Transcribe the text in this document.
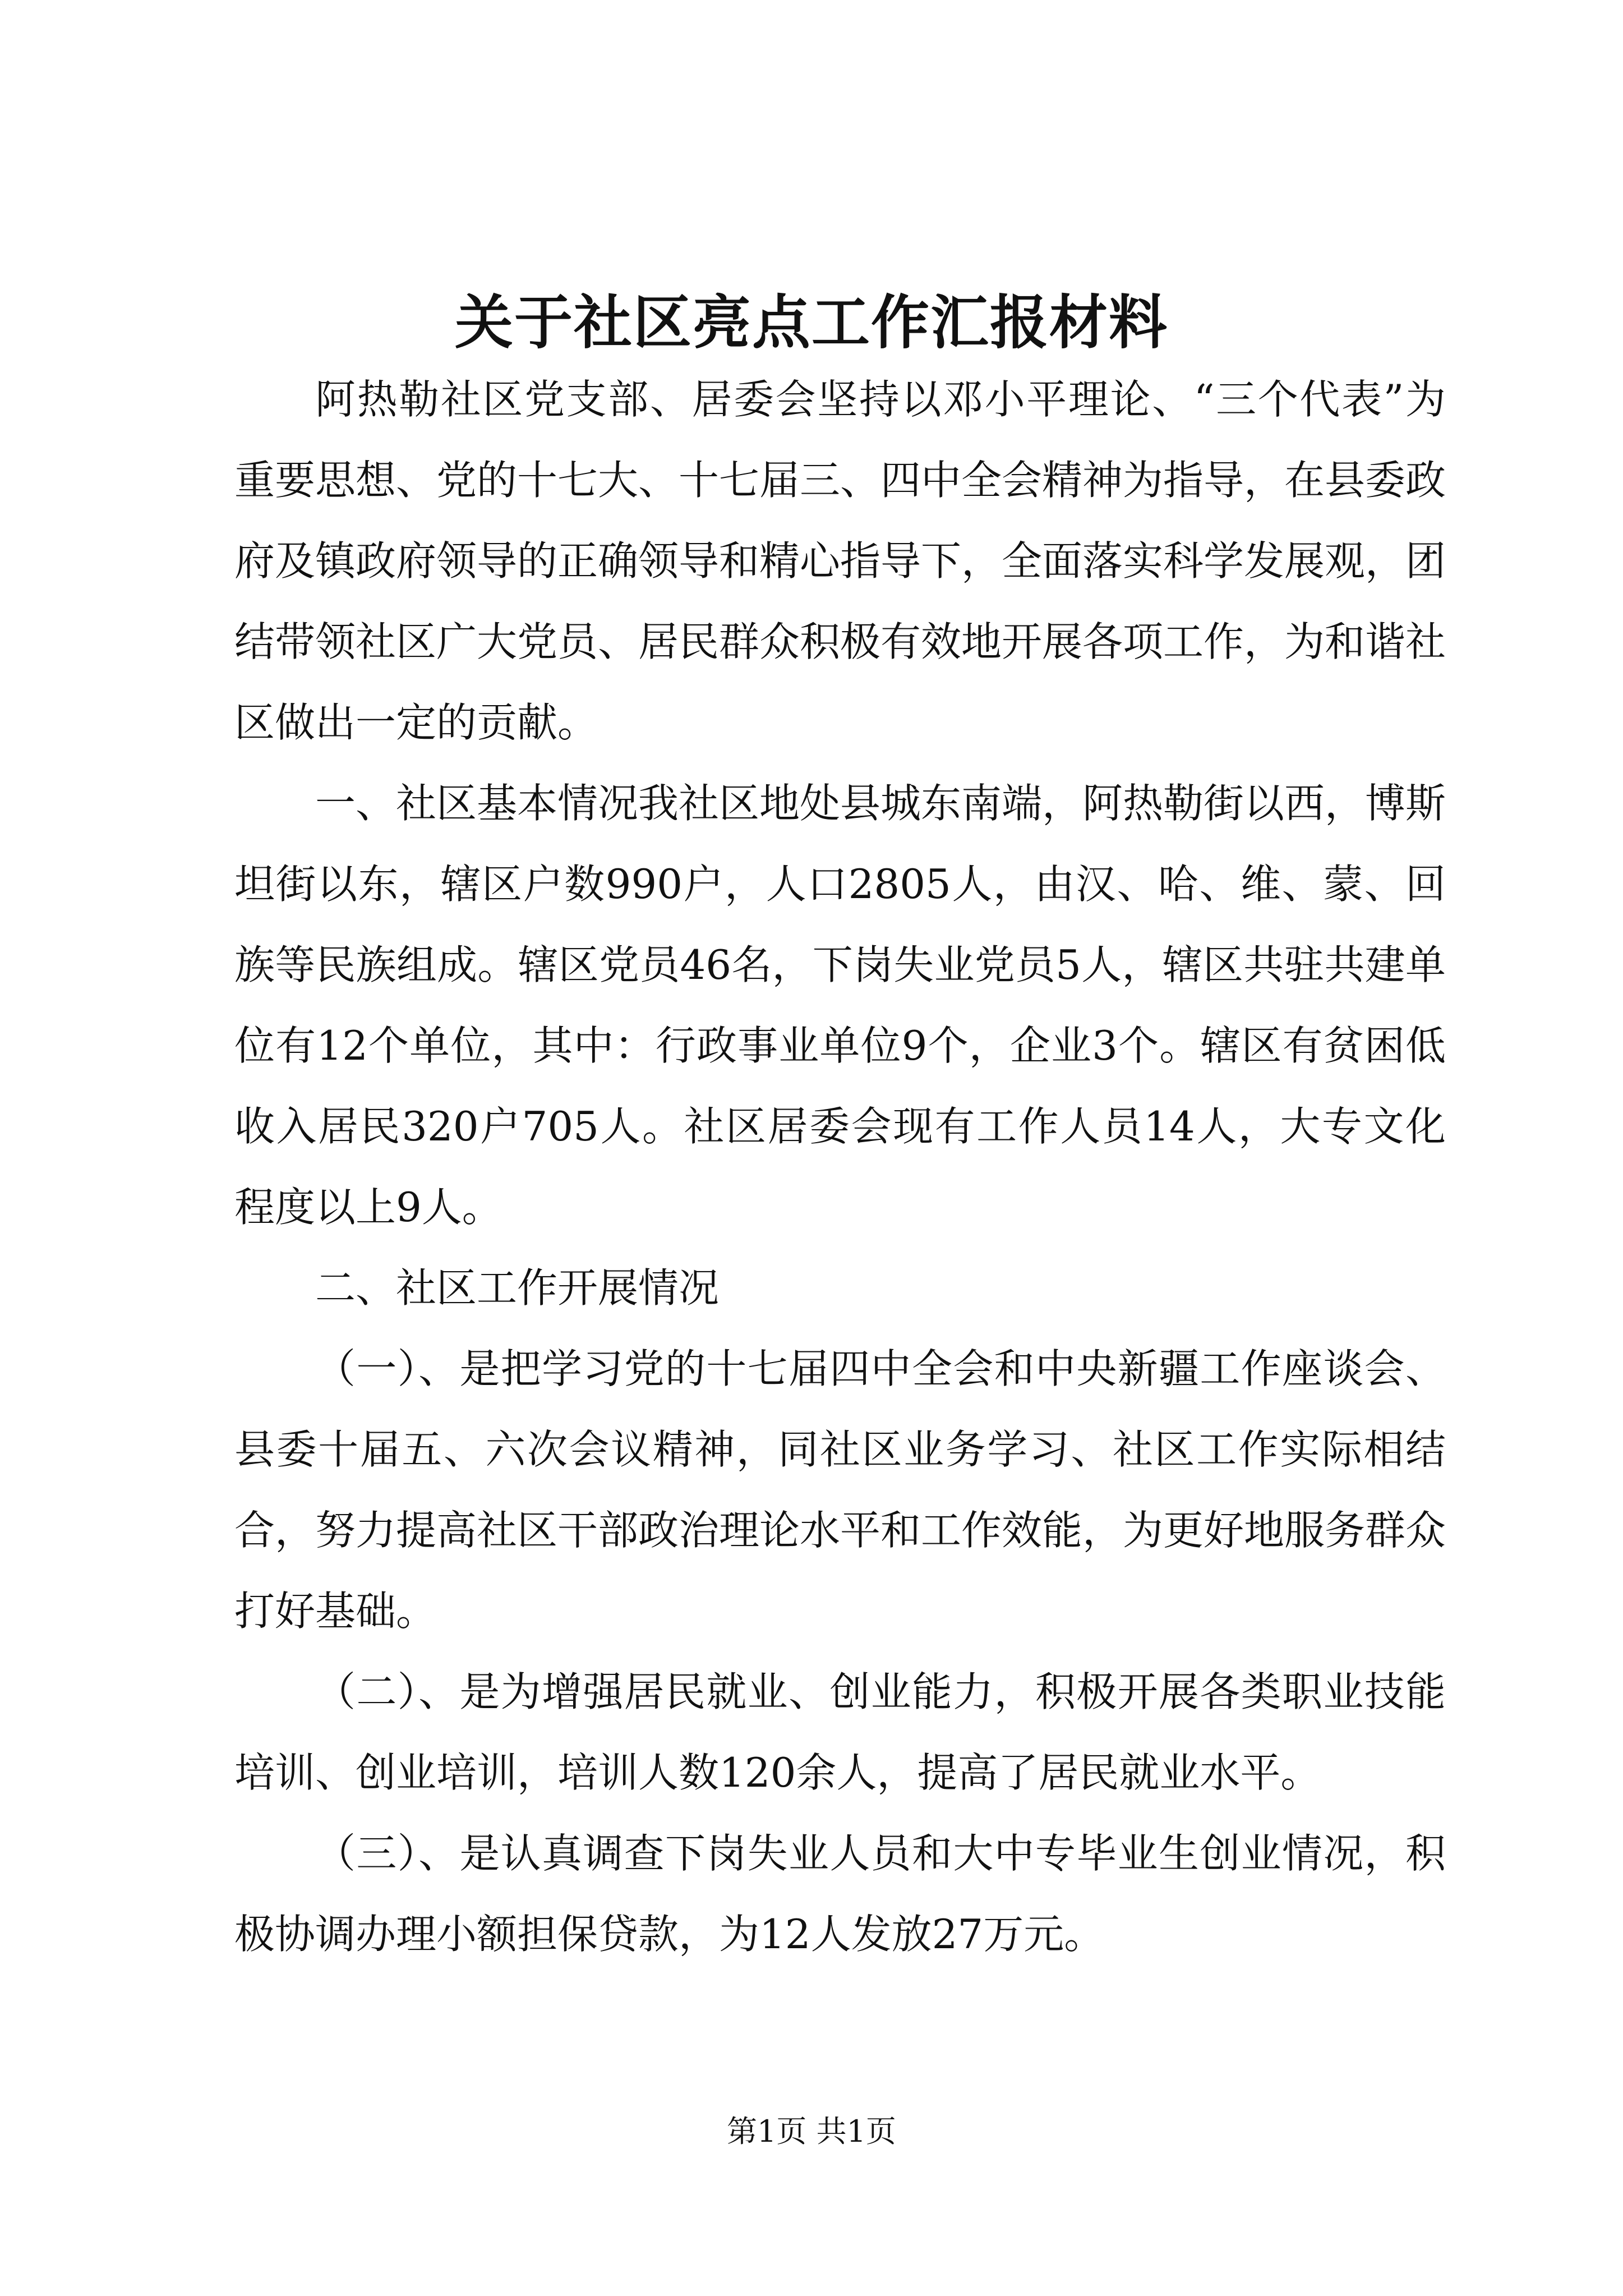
关于社区亮点工作汇报材料

阿热勒社区党支部、居委会坚持以邓小平理论、“三个代表”为重要思想、党的十七大、十七届三、四中全会精神为指导，在县委政府及镇政府领导的正确领导和精心指导下，全面落实科学发展观，团结带领社区广大党员、居民群众积极有效地开展各项工作，为和谐社区做出一定的贡献。

一、社区基本情况我社区地处县城东南端，阿热勒街以西，博斯坦街以东，辖区户数990户，人口2805人，由汉、哈、维、蒙、回族等民族组成。辖区党员46名，下岗失业党员5人，辖区共驻共建单位有12个单位，其中：行政事业单位9个，企业3个。辖区有贫困低收入居民320户705人。社区居委会现有工作人员14人，大专文化程度以上9人。

二、社区工作开展情况

（一）、是把学习党的十七届四中全会和中央新疆工作座谈会、县委十届五、六次会议精神，同社区业务学习、社区工作实际相结合，努力提高社区干部政治理论水平和工作效能，为更好地服务群众打好基础。

（二）、是为增强居民就业、创业能力，积极开展各类职业技能培训、创业培训，培训人数120余人，提高了居民就业水平。

（三）、是认真调查下岗失业人员和大中专毕业生创业情况，积极协调办理小额担保贷款，为12人发放27万元。

第1页 共1页
